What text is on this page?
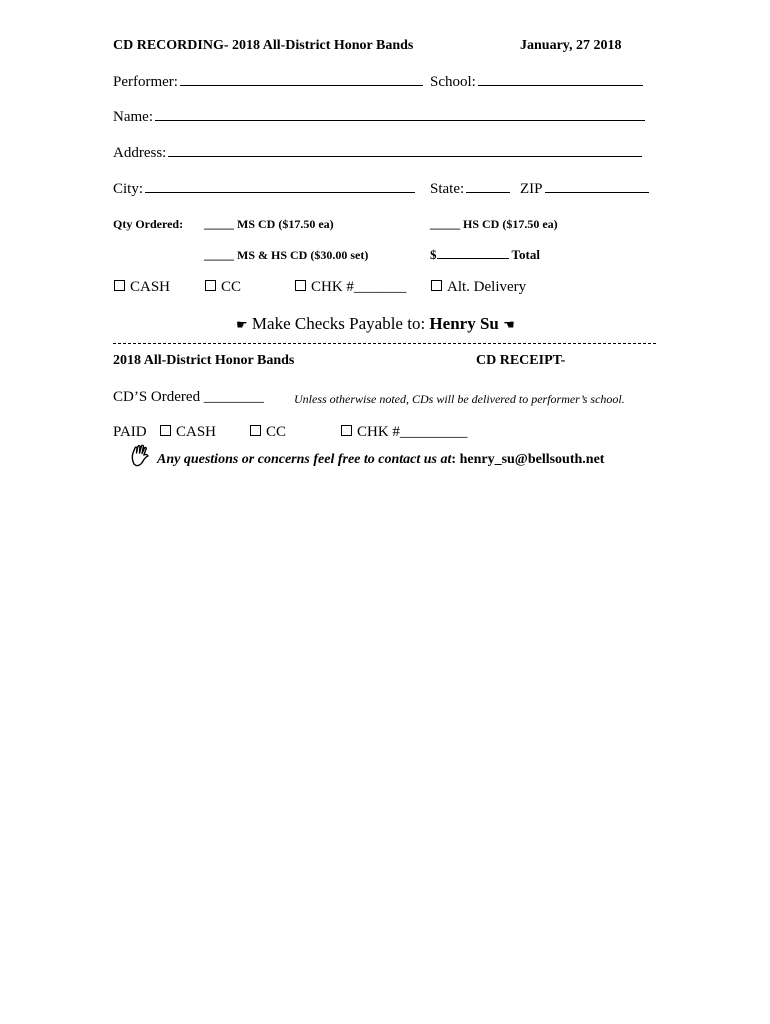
CD RECORDING- 2018 All-District Honor Bands	January, 27 2018
Performer:	School:
Name:
Address:
City:	State:	ZIP
Qty Ordered: _____ MS CD ($17.50 ea)	_____ HS CD ($17.50 ea)
_____ MS & HS CD ($30.00 set)	$	Total
CASH	CC	CHK #_______	Alt. Delivery
☛ Make Checks Payable to: Henry Su ☚
2018 All-District Honor Bands	CD RECEIPT-
CD’S Ordered ________	Unless otherwise noted, CDs will be delivered to performer’s school.
PAID	CASH	CC	CHK #_________
Any questions or concerns feel free to contact us at: henry_su@bellsouth.net
